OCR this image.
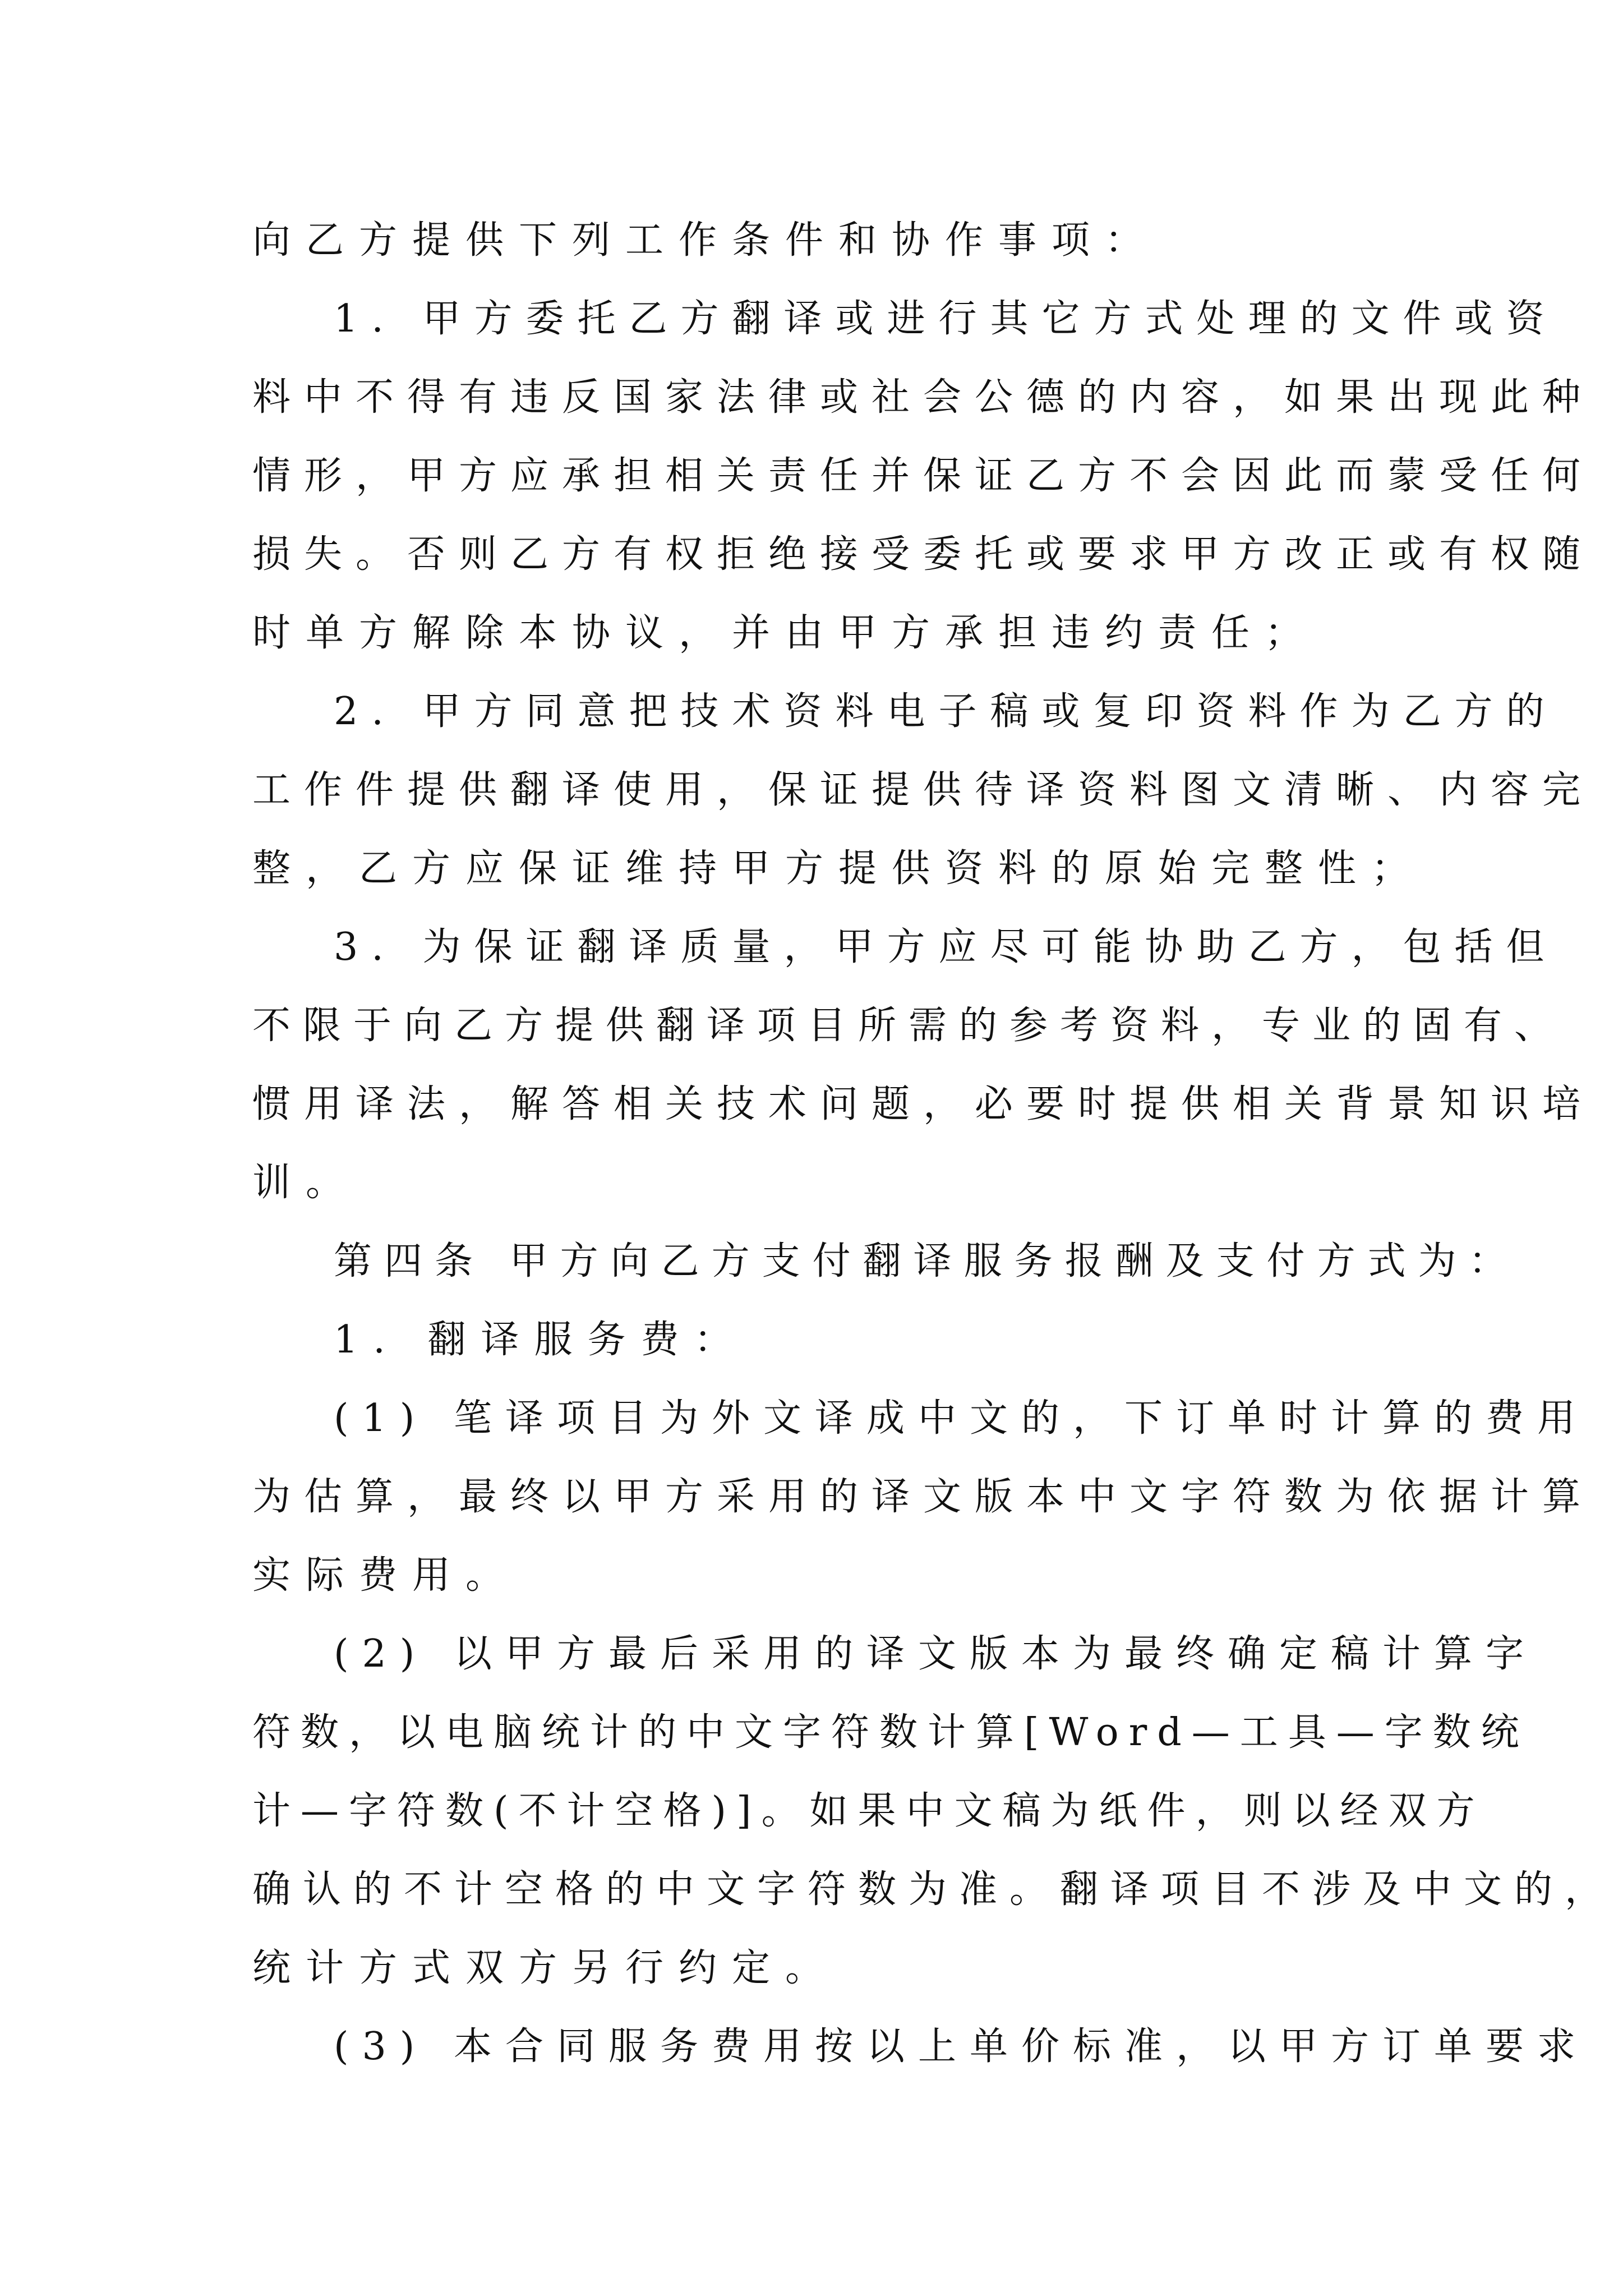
向乙方提供下列工作条件和协作事项：

1. 甲方委托乙方翻译或进行其它方式处理的文件或资

料中不得有违反国家法律或社会公德的内容，如果出现此种

情形，甲方应承担相关责任并保证乙方不会因此而蒙受任何

损失。否则乙方有权拒绝接受委托或要求甲方改正或有权随

时单方解除本协议，并由甲方承担违约责任；

2. 甲方同意把技术资料电子稿或复印资料作为乙方的

工作件提供翻译使用，保证提供待译资料图文清晰、内容完

整，乙方应保证维持甲方提供资料的原始完整性；

3. 为保证翻译质量，甲方应尽可能协助乙方，包括但

不限于向乙方提供翻译项目所需的参考资料，专业的固有、

惯用译法，解答相关技术问题，必要时提供相关背景知识培

训。

第四条 甲方向乙方支付翻译服务报酬及支付方式为：

1. 翻译服务费：

(1) 笔译项目为外文译成中文的，下订单时计算的费用

为估算，最终以甲方采用的译文版本中文字符数为依据计算

实际费用。

(2) 以甲方最后采用的译文版本为最终确定稿计算字

符数，以电脑统计的中文字符数计算[Word—工具—字数统

计—字符数(不计空格)]。如果中文稿为纸件，则以经双方

确认的不计空格的中文字符数为准。翻译项目不涉及中文的，

统计方式双方另行约定。

(3) 本合同服务费用按以上单价标准，以甲方订单要求
